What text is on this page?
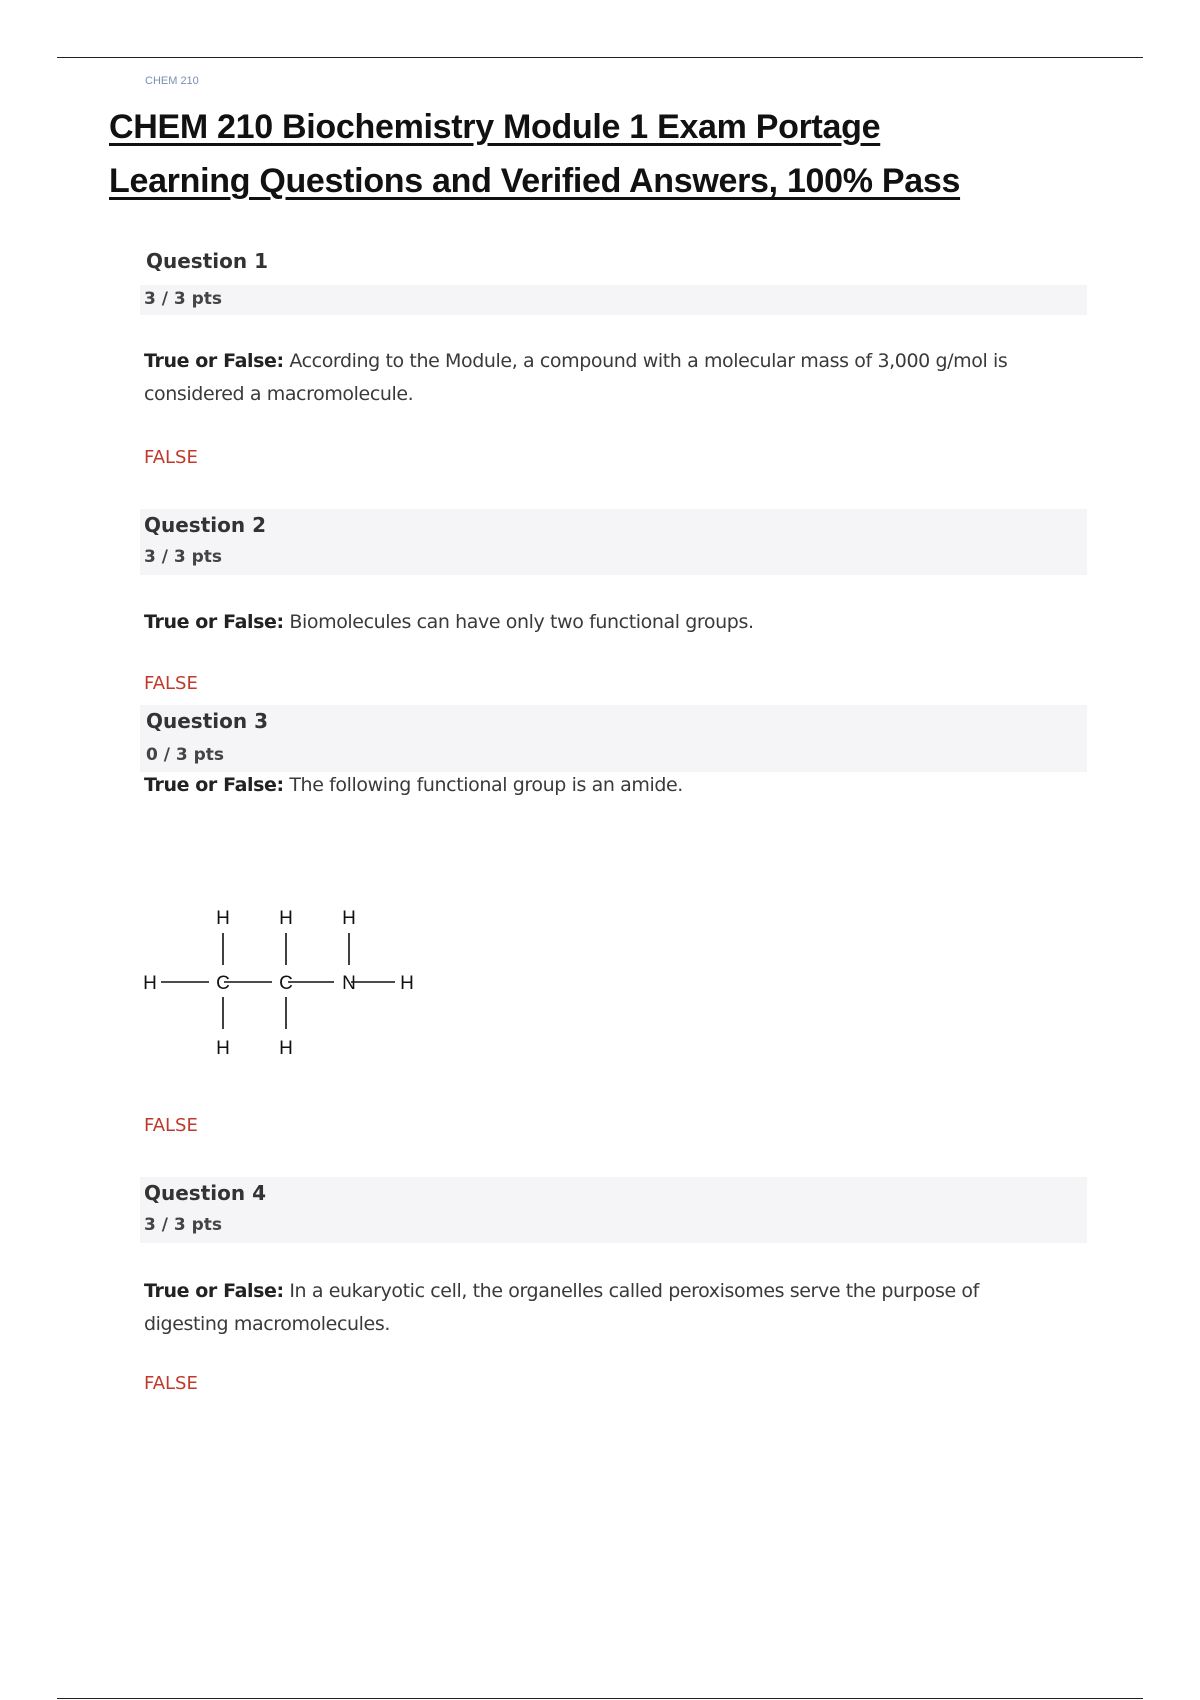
CHEM 210
CHEM 210 Biochemistry Module 1 Exam Portage
Learning Questions and Verified Answers, 100% Pass
Question 1
3 / 3 pts

True or False: According to the Module, a compound with a molecular mass of 3,000 g/mol is considered a macromolecule.

FALSE
Question 2
3 / 3 pts

True or False: Biomolecules can have only two functional groups.

FALSE
Question 3
0 / 3 pts

True or False: The following functional group is an amide.

H	C	C	N H
H	H	H
H	H
FALSE
Question 4
3 / 3 pts

True or False: In a eukaryotic cell, the organelles called peroxisomes serve the purpose of digesting macromolecules.

FALSE
